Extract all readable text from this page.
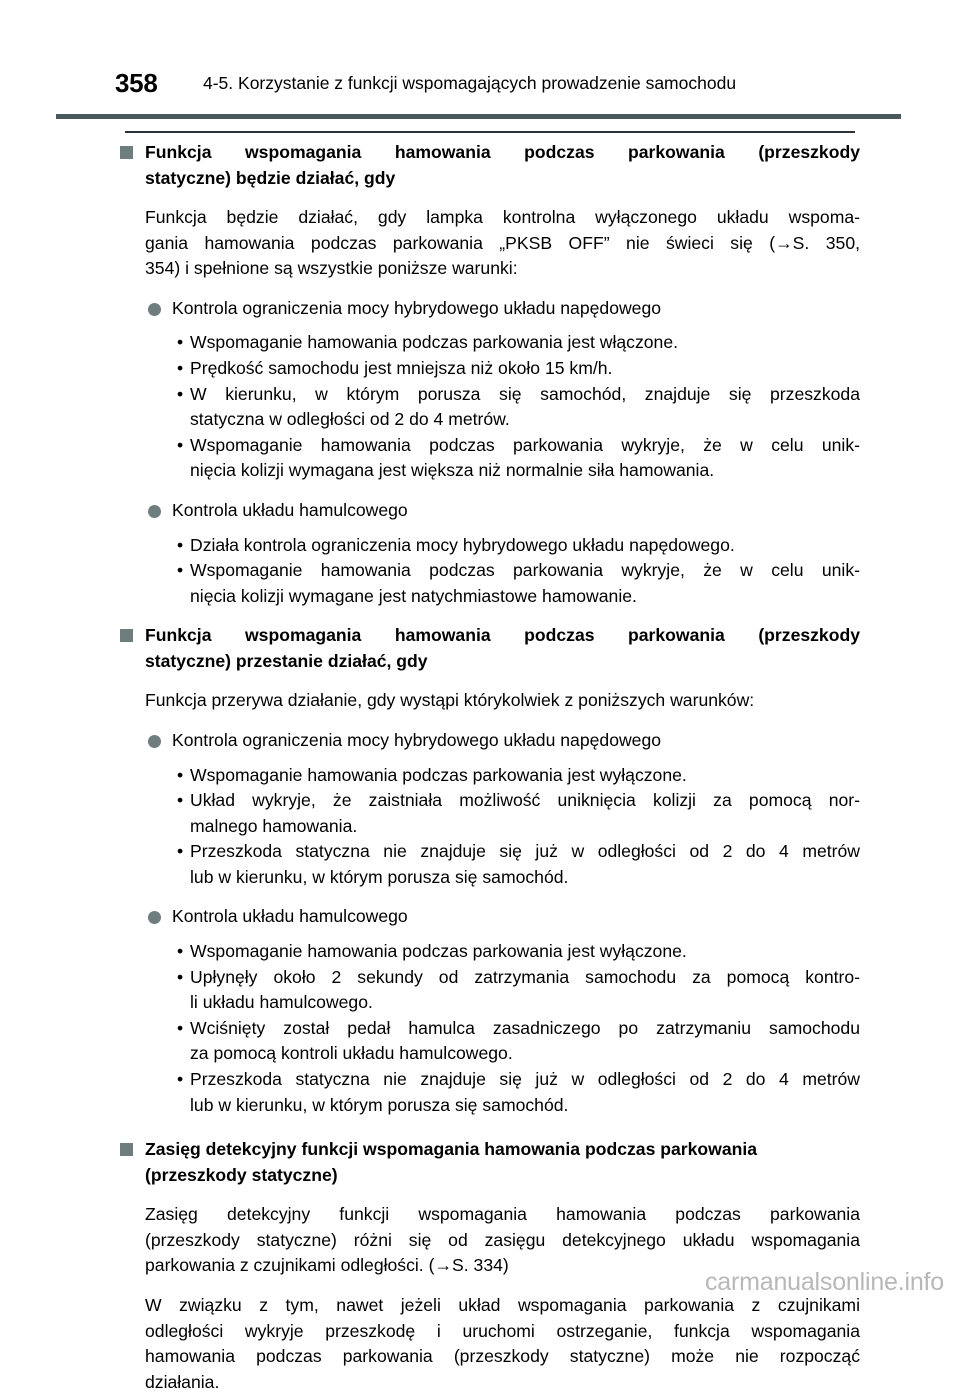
358	4-5. Korzystanie z funkcji wspomagających prowadzenie samochodu
Funkcja wspomagania hamowania podczas parkowania (przeszkody
statyczne) będzie działać, gdy
Funkcja będzie działać, gdy lampka kontrolna wyłączonego układu wspoma-
gania hamowania podczas parkowania „PKSB OFF” nie świeci się (→S. 350,
354) i spełnione są wszystkie poniższe warunki:
Kontrola ograniczenia mocy hybrydowego układu napędowego
• Wspomaganie hamowania podczas parkowania jest włączone.
• Prędkość samochodu jest mniejsza niż około 15 km/h.
• W kierunku, w którym porusza się samochód, znajduje się przeszkoda
statyczna w odległości od 2 do 4 metrów.
• Wspomaganie hamowania podczas parkowania wykryje, że w celu unik-
nięcia kolizji wymagana jest większa niż normalnie siła hamowania.
Kontrola układu hamulcowego
• Działa kontrola ograniczenia mocy hybrydowego układu napędowego.
• Wspomaganie hamowania podczas parkowania wykryje, że w celu unik-
nięcia kolizji wymagane jest natychmiastowe hamowanie.
Funkcja wspomagania hamowania podczas parkowania (przeszkody
statyczne) przestanie działać, gdy
Funkcja przerywa działanie, gdy wystąpi którykolwiek z poniższych warunków:
Kontrola ograniczenia mocy hybrydowego układu napędowego
• Wspomaganie hamowania podczas parkowania jest wyłączone.
• Układ wykryje, że zaistniała możliwość uniknięcia kolizji za pomocą nor-
malnego hamowania.
• Przeszkoda statyczna nie znajduje się już w odległości od 2 do 4 metrów
lub w kierunku, w którym porusza się samochód.
Kontrola układu hamulcowego
• Wspomaganie hamowania podczas parkowania jest wyłączone.
• Upłynęły około 2 sekundy od zatrzymania samochodu za pomocą kontro-
li układu hamulcowego.
• Wciśnięty został pedał hamulca zasadniczego po zatrzymaniu samochodu
za pomocą kontroli układu hamulcowego.
• Przeszkoda statyczna nie znajduje się już w odległości od 2 do 4 metrów
lub w kierunku, w którym porusza się samochód.
Zasięg detekcyjny funkcji wspomagania hamowania podczas parkowania
(przeszkody statyczne)
Zasięg detekcyjny funkcji wspomagania hamowania podczas parkowania
(przeszkody statyczne) różni się od zasięgu detekcyjnego układu wspomagania
parkowania z czujnikami odległości. (→S. 334)
W związku z tym, nawet jeżeli układ wspomagania parkowania z czujnikami
odległości wykryje przeszkodę i uruchomi ostrzeganie, funkcja wspomagania
hamowania podczas parkowania (przeszkody statyczne) może nie rozpocząć
działania.
carmanualsonline.info
